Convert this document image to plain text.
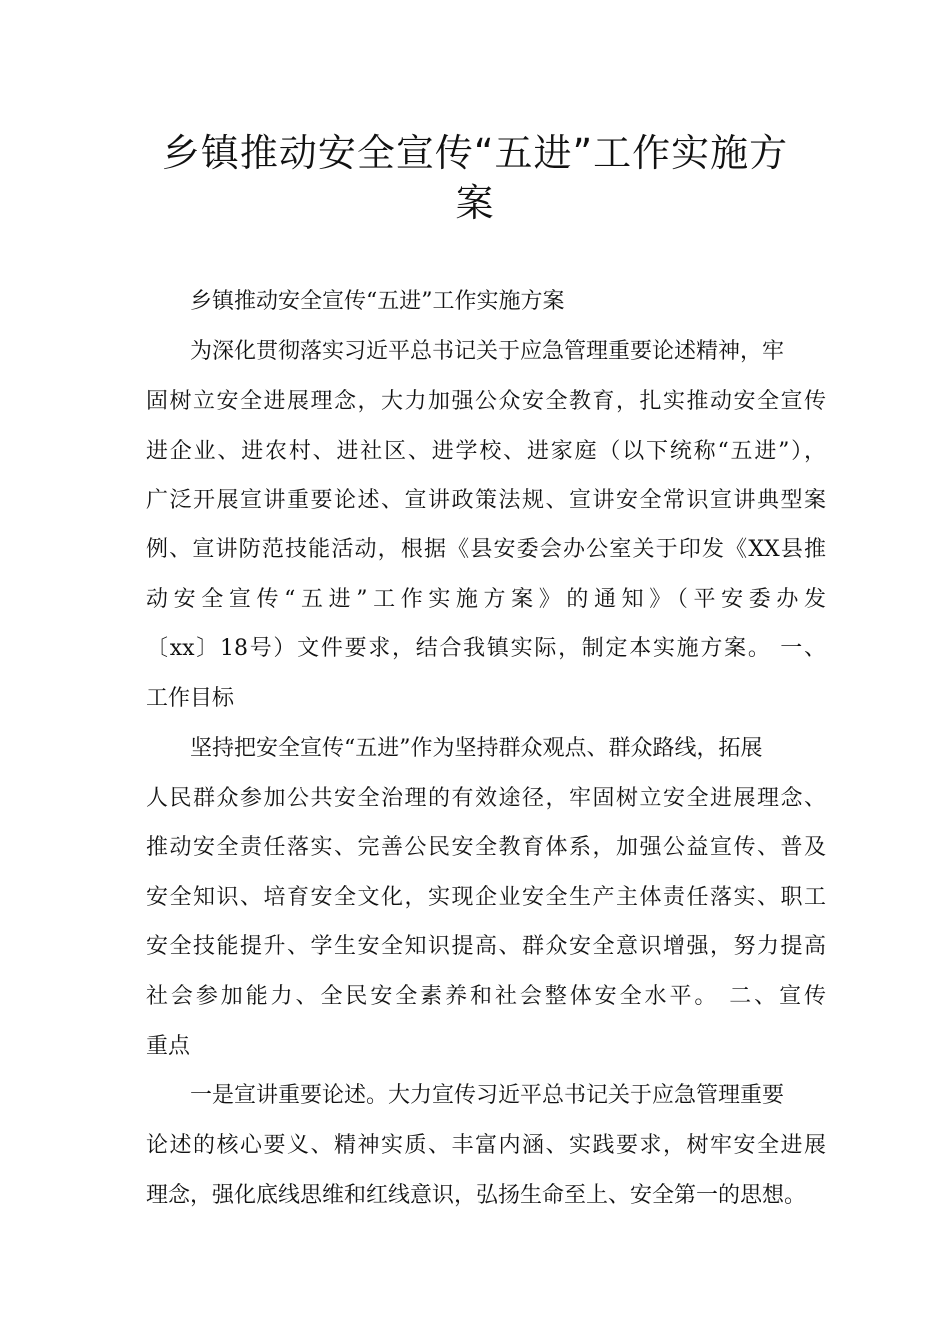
乡镇推动安全宣传“五进”工作实施方
案
乡镇推动安全宣传“五进”工作实施方案
为深化贯彻落实习近平总书记关于应急管理重要论述精神，牢
固树立安全进展理念，大力加强公众安全教育，扎实推动安全宣传
进企业、进农村、进社区、进学校、进家庭（以下统称“五进”），
广泛开展宣讲重要论述、宣讲政策法规、宣讲安全常识宣讲典型案
例、宣讲防范技能活动，根据《县安委会办公室关于印发《XX县推
动安全宣传“五进”工作实施方案》的通知》（平安委办发
〔xx〕18号）文件要求，结合我镇实际，制定本实施方案。 一、
工作目标
坚持把安全宣传“五进”作为坚持群众观点、群众路线，拓展
人民群众参加公共安全治理的有效途径，牢固树立安全进展理念、
推动安全责任落实、完善公民安全教育体系，加强公益宣传、普及
安全知识、培育安全文化，实现企业安全生产主体责任落实、职工
安全技能提升、学生安全知识提高、群众安全意识增强，努力提高
社会参加能力、全民安全素养和社会整体安全水平。 二、宣传
重点
一是宣讲重要论述。大力宣传习近平总书记关于应急管理重要
论述的核心要义、精神实质、丰富内涵、实践要求，树牢安全进展
理念，强化底线思维和红线意识，弘扬生命至上、安全第一的思想。
